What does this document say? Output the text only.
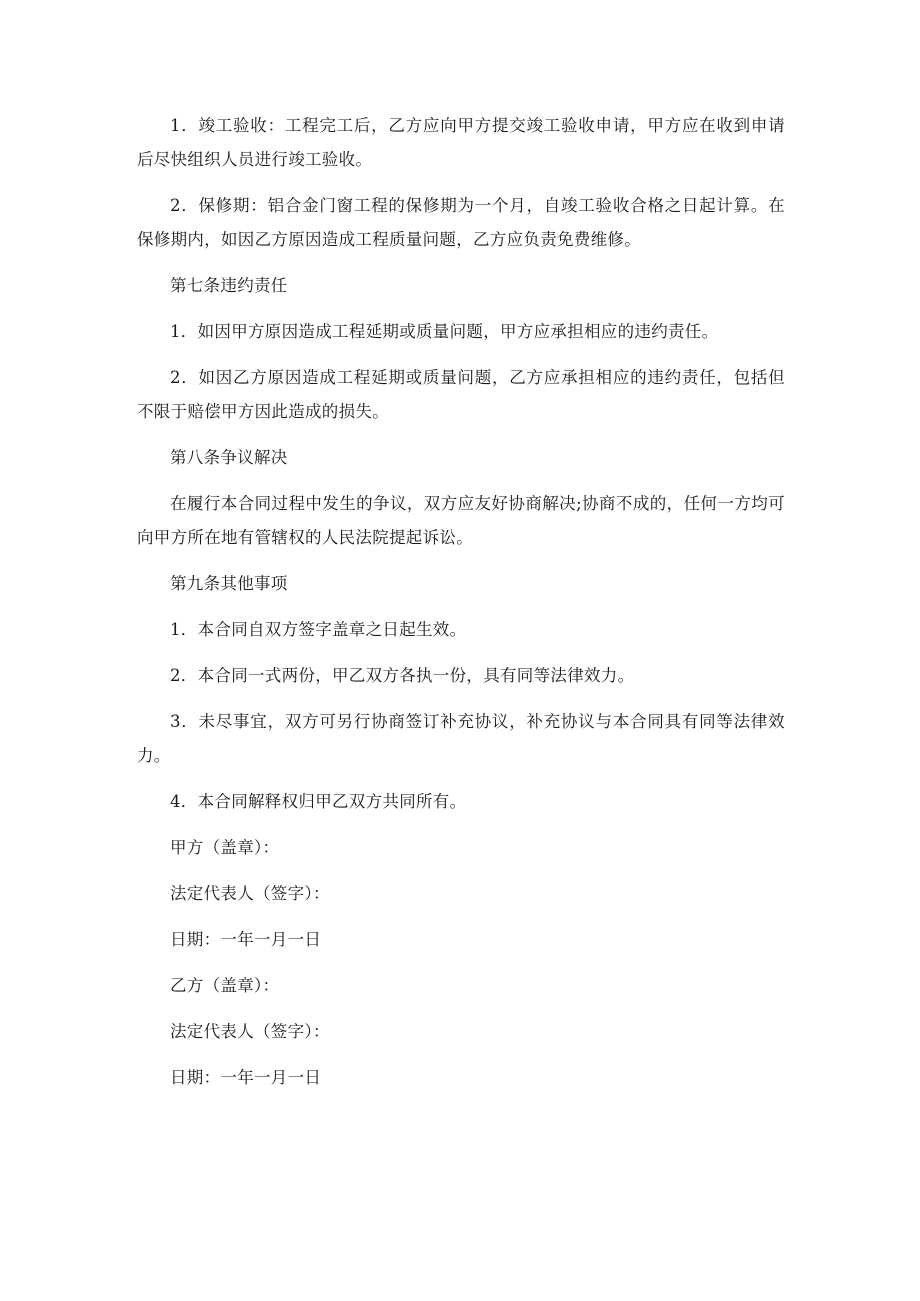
1．竣工验收：工程完工后，乙方应向甲方提交竣工验收申请，甲方应在收到申请后尽快组织人员进行竣工验收。

2．保修期：铝合金门窗工程的保修期为一个月，自竣工验收合格之日起计算。在保修期内，如因乙方原因造成工程质量问题，乙方应负责免费维修。

第七条违约责任

1．如因甲方原因造成工程延期或质量问题，甲方应承担相应的违约责任。

2．如因乙方原因造成工程延期或质量问题，乙方应承担相应的违约责任，包括但不限于赔偿甲方因此造成的损失。

第八条争议解决

在履行本合同过程中发生的争议，双方应友好协商解决;协商不成的，任何一方均可向甲方所在地有管辖权的人民法院提起诉讼。

第九条其他事项

1．本合同自双方签字盖章之日起生效。

2．本合同一式两份，甲乙双方各执一份，具有同等法律效力。

3．未尽事宜，双方可另行协商签订补充协议，补充协议与本合同具有同等法律效力。

4．本合同解释权归甲乙双方共同所有。

甲方（盖章）：

法定代表人（签字）：

日期：一年一月一日

乙方（盖章）：

法定代表人（签字）：

日期：一年一月一日
